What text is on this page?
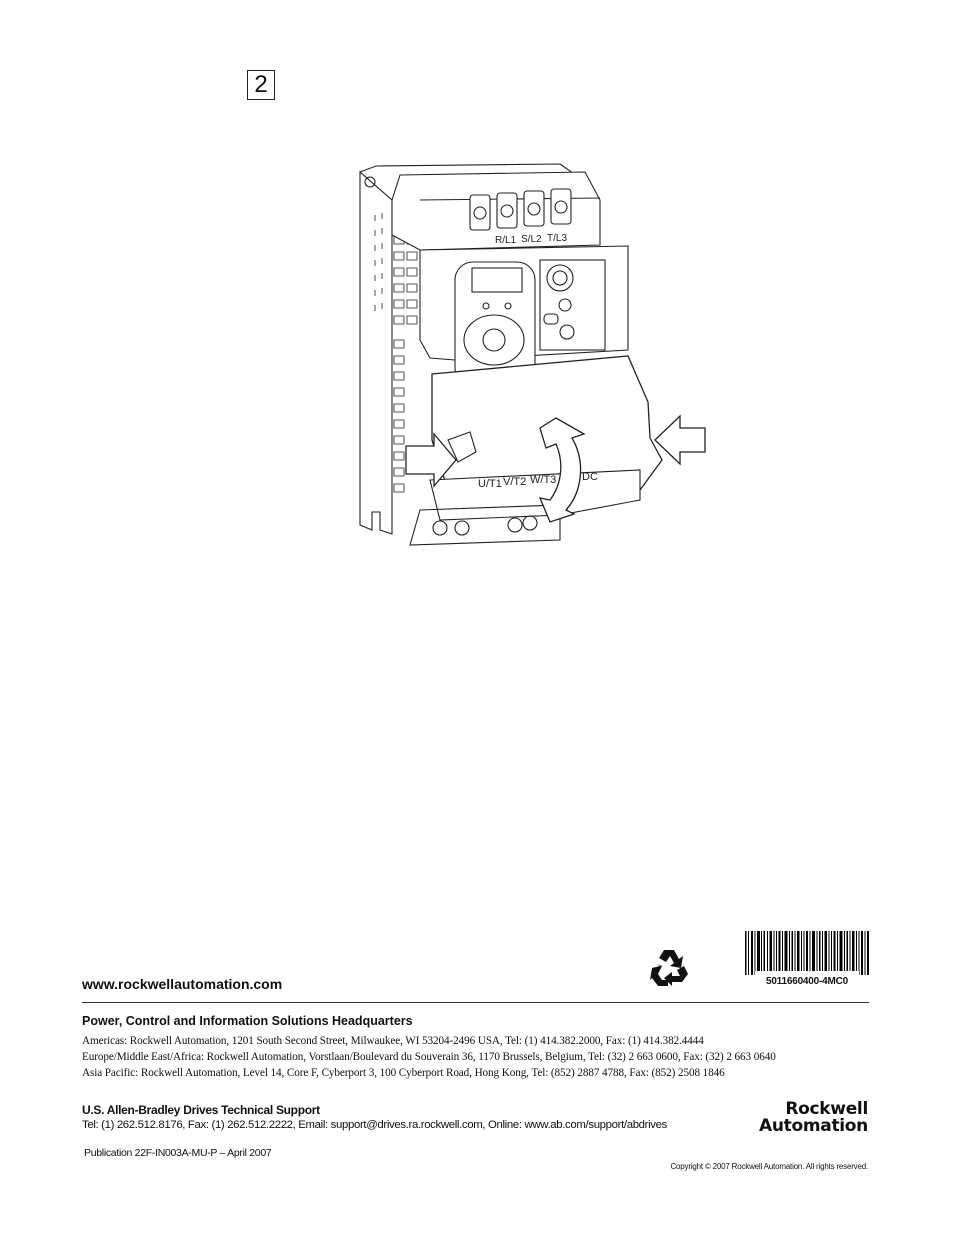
2
R/L1 S/L2 T/L3
U/T1 V/T2 W/T3 DC
www.rockwellautomation.com	5011660400-4MC0
Power, Control and Information Solutions Headquarters
Americas: Rockwell Automation, 1201 South Second Street, Milwaukee, WI 53204-2496 USA, Tel: (1) 414.382.2000, Fax: (1) 414.382.4444
Europe/Middle East/Africa: Rockwell Automation, Vorstlaan/Boulevard du Souverain 36, 1170 Brussels, Belgium, Tel: (32) 2 663 0600, Fax: (32) 2 663 0640
Asia Pacific: Rockwell Automation, Level 14, Core F, Cyberport 3, 100 Cyberport Road, Hong Kong, Tel: (852) 2887 4788, Fax: (852) 2508 1846
U.S. Allen-Bradley Drives Technical Support
Tel: (1) 262.512.8176, Fax: (1) 262.512.2222, Email: support@drives.ra.rockwell.com, Online: www.ab.com/support/abdrives
Rockwell
Automation
Publication 22F-IN003A-MU-P – April 2007
Copyright © 2007 Rockwell Automation. All rights reserved.
